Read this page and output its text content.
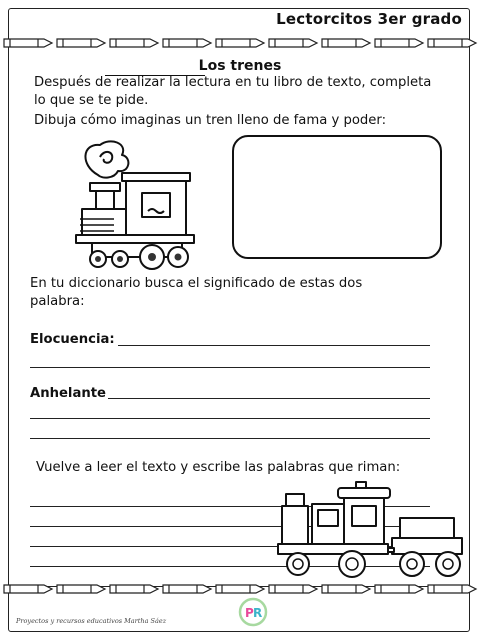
Lectorcitos 3er grado
Los trenes
Después de realizar la lectura en tu libro de texto, completa
lo que se te pide.
Dibuja cómo imaginas un tren lleno de fama y poder:
En tu diccionario busca el significado de estas dos
palabra:
Elocuencia:
Anhelante
Vuelve a leer el texto y escribe las palabras que riman:
P R
Proyectos y recursos educativos Martha Sáez
